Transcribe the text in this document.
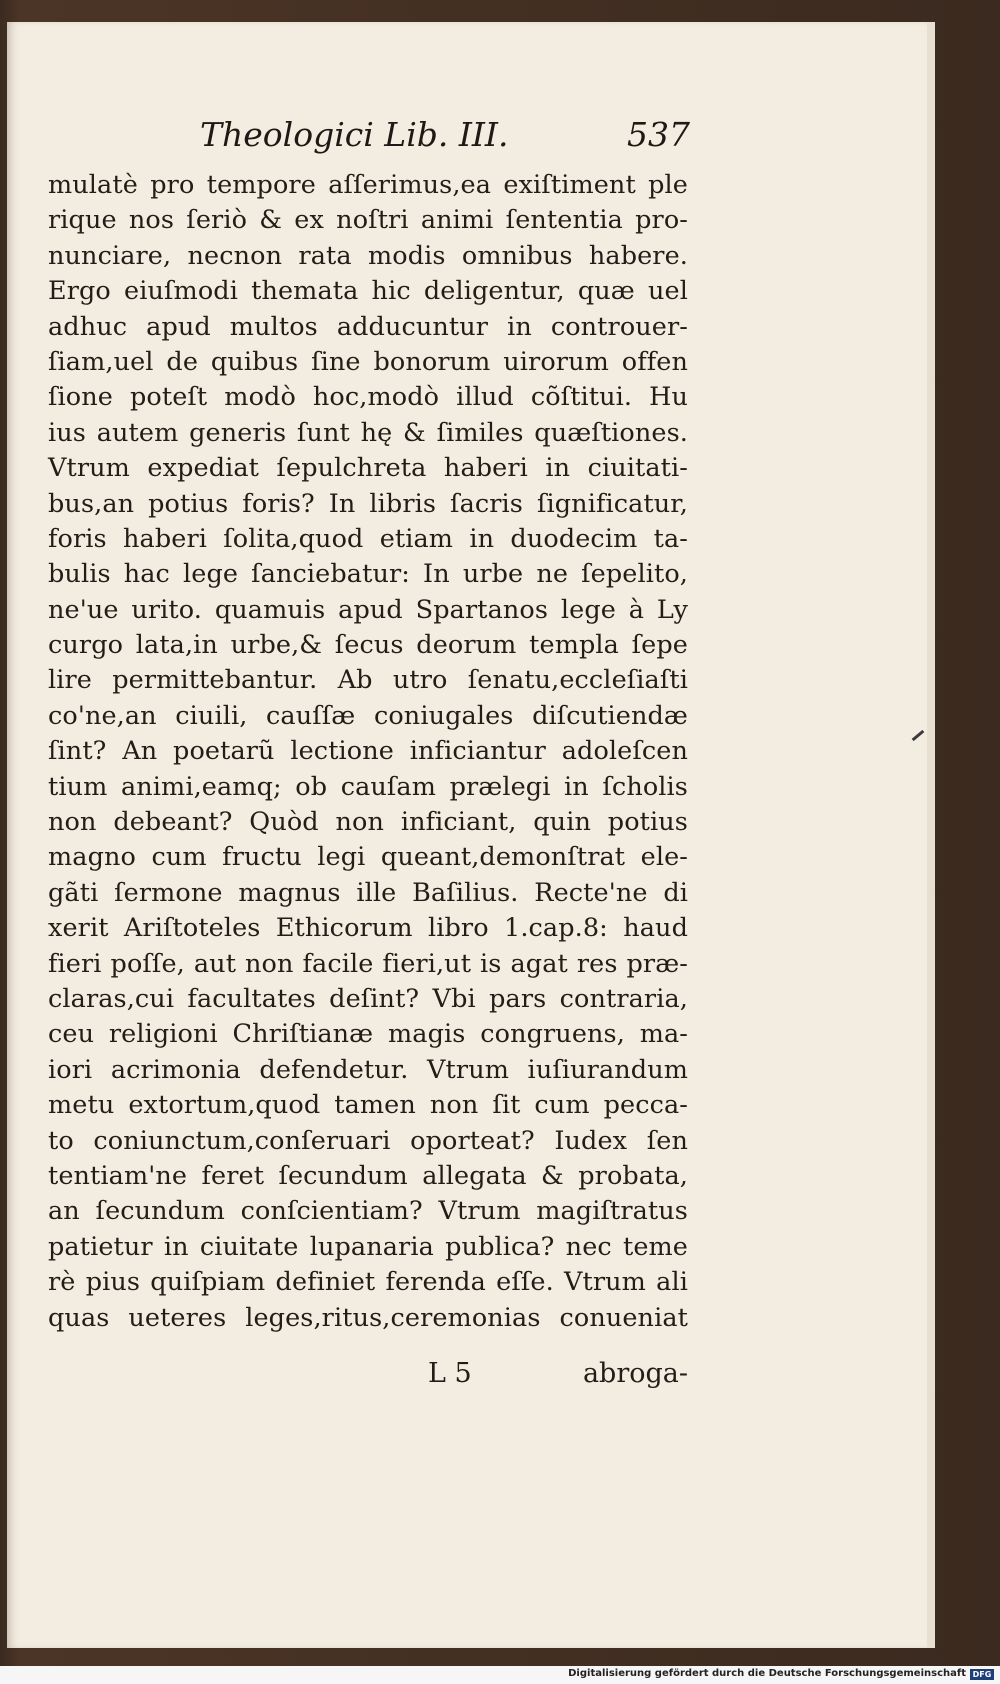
Theologici Lib. III.	537
mulatè pro tempore aſſerimus,ea exiſtiment ple
rique nos ſeriò & ex noſtri animi ſententia pro-
nunciare, necnon rata modis omnibus habere.
Ergo eiuſmodi themata hic deligentur, quæ uel
adhuc apud multos adducuntur in controuer-
ſiam,uel de quibus ſine bonorum uirorum offen
ſione poteſt modò hoc,modò illud cõſtitui. Hu
ius autem generis ſunt hę & ſimiles quæſtiones.
Vtrum expediat ſepulchreta haberi in ciuitati-
bus,an potius foris? In libris ſacris ſignificatur,
foris haberi ſolita,quod etiam in duodecim ta-
bulis hac lege ſanciebatur: In urbe ne ſepelito,
ne'ue urito. quamuis apud Spartanos lege à Ly
curgo lata,in urbe,& ſecus deorum templa ſepe
lire permittebantur. Ab utro ſenatu,eccleſiaſti
co'ne,an ciuili, cauſſæ coniugales diſcutiendæ
ſint? An poetarũ lectione inficiantur adoleſcen
tium animi,eamq; ob cauſam prælegi in ſcholis
non debeant? Quòd non inficiant, quin potius
magno cum fructu legi queant,demonſtrat ele-
gãti ſermone magnus ille Baſilius. Recte'ne di
xerit Ariſtoteles Ethicorum libro 1.cap.8: haud
fieri poſſe, aut non facile fieri,ut is agat res præ-
claras,cui facultates deſint? Vbi pars contraria,
ceu religioni Chriſtianæ magis congruens, ma-
iori acrimonia defendetur. Vtrum iuſiurandum
metu extortum,quod tamen non ſit cum pecca-
to coniunctum,conſeruari oporteat? Iudex ſen
tentiam'ne feret ſecundum allegata & probata,
an ſecundum conſcientiam? Vtrum magiſtratus
patietur in ciuitate lupanaria publica? nec teme
rè pius quiſpiam definiet ferenda eſſe. Vtrum ali
quas ueteres leges,ritus,ceremonias conueniat
L 5	abroga-
Digitalisierung gefördert durch die Deutsche Forschungsgemeinschaft DFG
